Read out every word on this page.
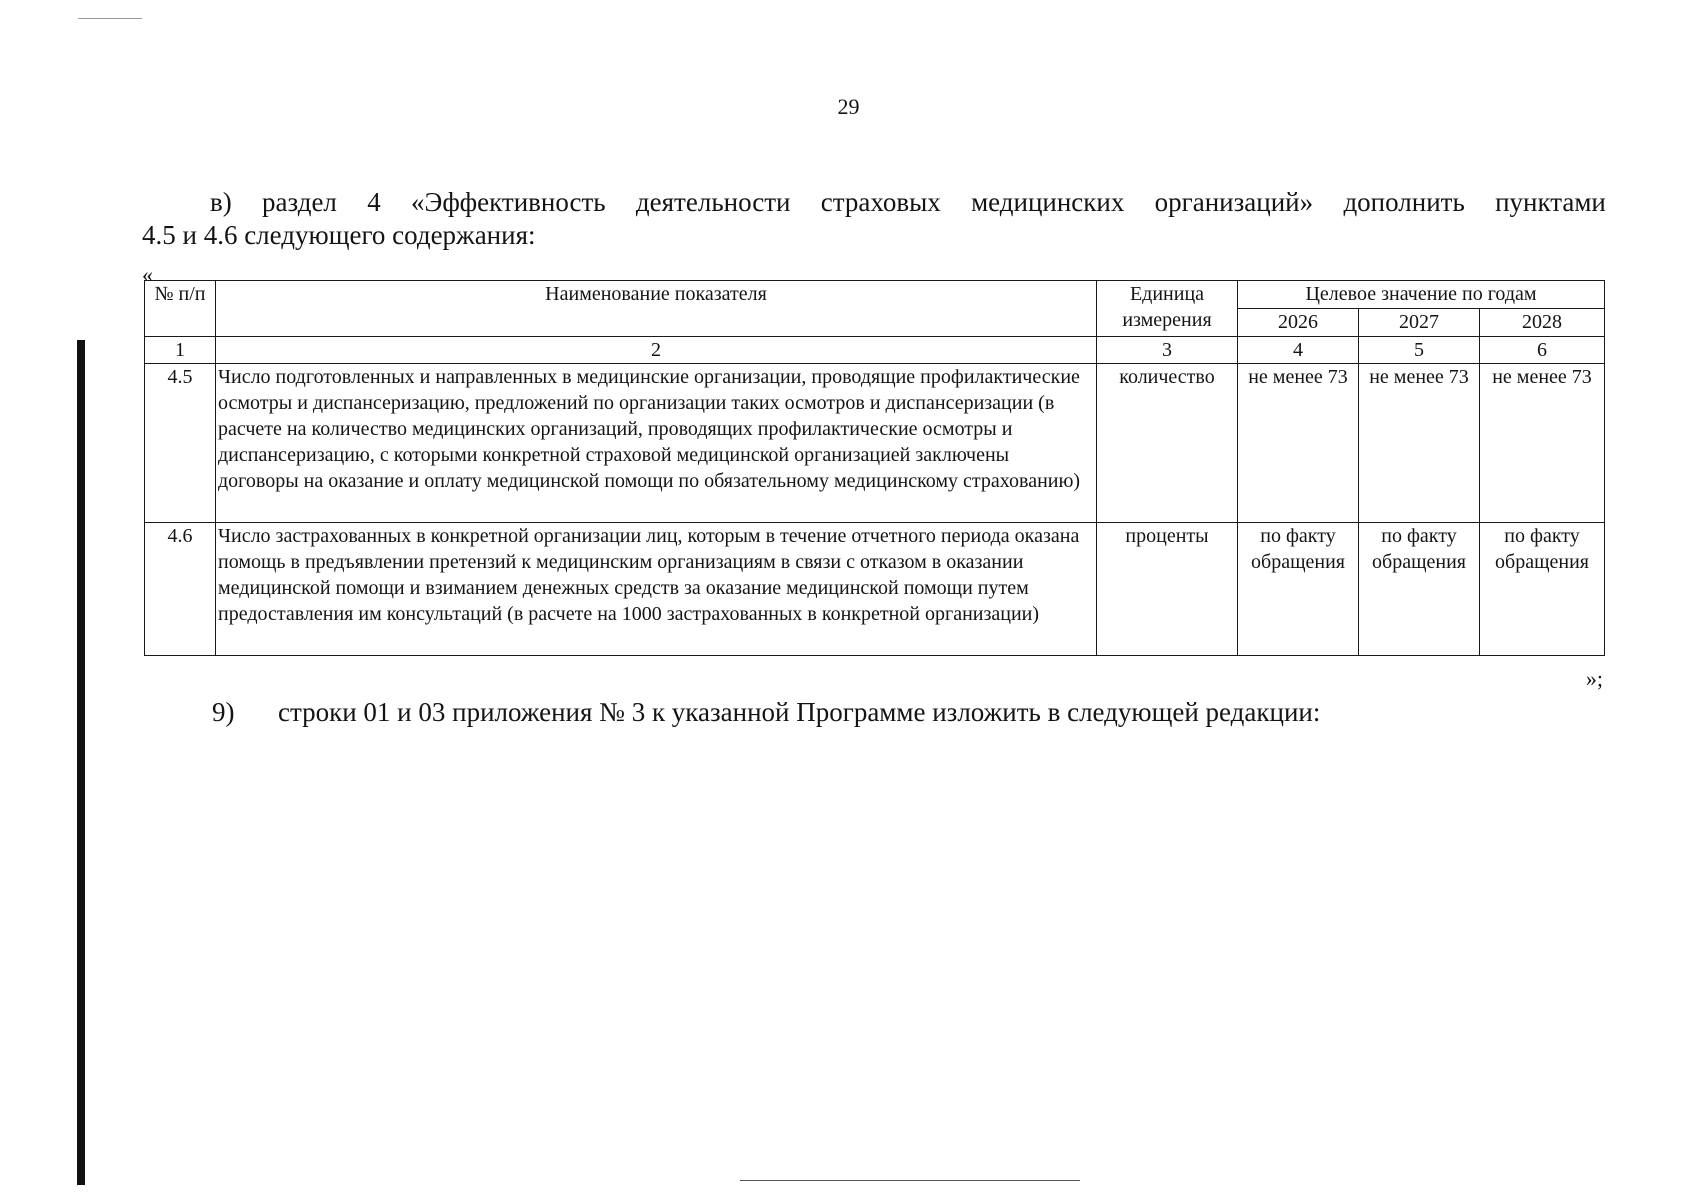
29
в) раздел 4 «Эффективность деятельности страховых медицинских организаций» дополнить пунктами
4.5 и 4.6 следующего содержания:
«
№ п/п	Наименование показателя	Единица измерения	Целевое значение по годам		
			2026	2027	2028
1	2	3	4	5	6
4.5	Число подготовленных и направленных в медицинские организации, проводящие профилактические осмотры и диспансеризацию, предложений по организации таких осмотров и диспансеризации (в расчете на количество медицинских организаций, проводящих профилактические осмотры и диспансеризацию, с которыми конкретной страховой медицинской организацией заключены договоры на оказание и оплату медицинской помощи по обязательному медицинскому страхованию)	количество	не менее 73	не менее 73	не менее 73
4.6	Число застрахованных в конкретной организации лиц, которым в течение отчетного периода оказана помощь в предъявлении претензий к медицинским организациям в связи с отказом в оказании медицинской помощи и взиманием денежных средств за оказание медицинской помощи путем предоставления им консультаций (в расчете на 1000 застрахованных в конкретной организации)	проценты	по факту обращения	по факту обращения	по факту обращения
»;
9) строки 01 и 03 приложения № 3 к указанной Программе изложить в следующей редакции:
